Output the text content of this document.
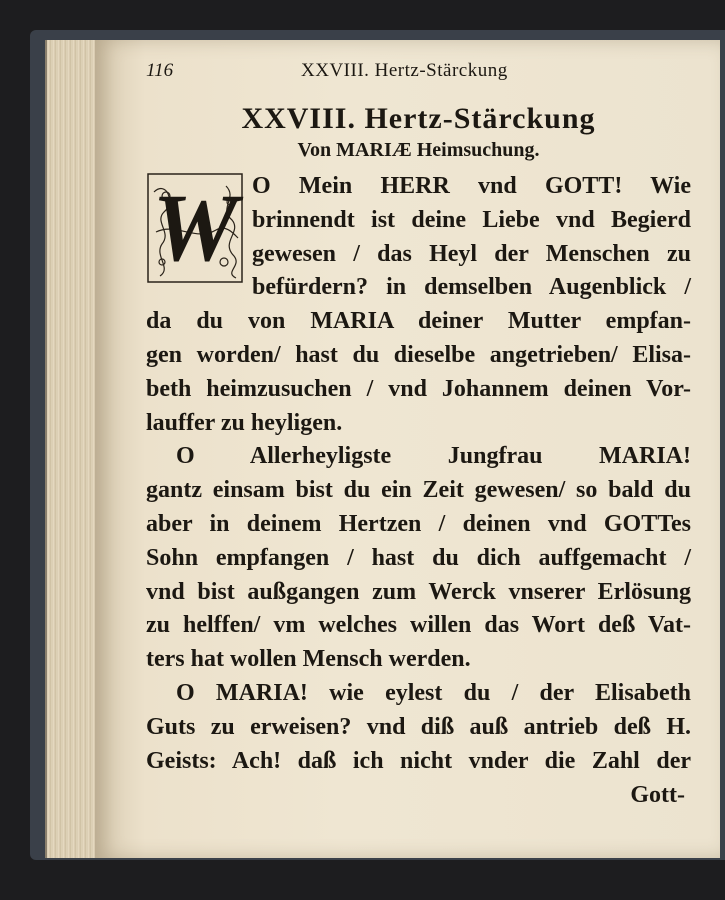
116	XXVIII. Hertz-Stärckung
XXVIII. Hertz-Stärckung
Von MARIÆ Heimsuchung.
W O Mein HERR vnd GOTT! Wie
brinnendt ist deine Liebe vnd Begierd
gewesen / das Heyl der Menschen zu
befürdern? in demselben Augenblick /
da du von MARIA deiner Mutter empfan-
gen worden/ hast du dieselbe angetrieben/ Elisa-
beth heimzusuchen / vnd Johannem deinen Vor-
lauffer zu heyligen.
O Allerheyligste Jungfrau MARIA!
gantz einsam bist du ein Zeit gewesen/ so bald du
aber in deinem Hertzen / deinen vnd GOTTes
Sohn empfangen / hast du dich auffgemacht /
vnd bist außgangen zum Werck vnserer Erlösung
zu helffen/ vm welches willen das Wort deß Vat-
ters hat wollen Mensch werden.
O MARIA! wie eylest du / der Elisabeth
Guts zu erweisen? vnd diß auß antrieb deß H.
Geists: Ach! daß ich nicht vnder die Zahl der
Gott-
